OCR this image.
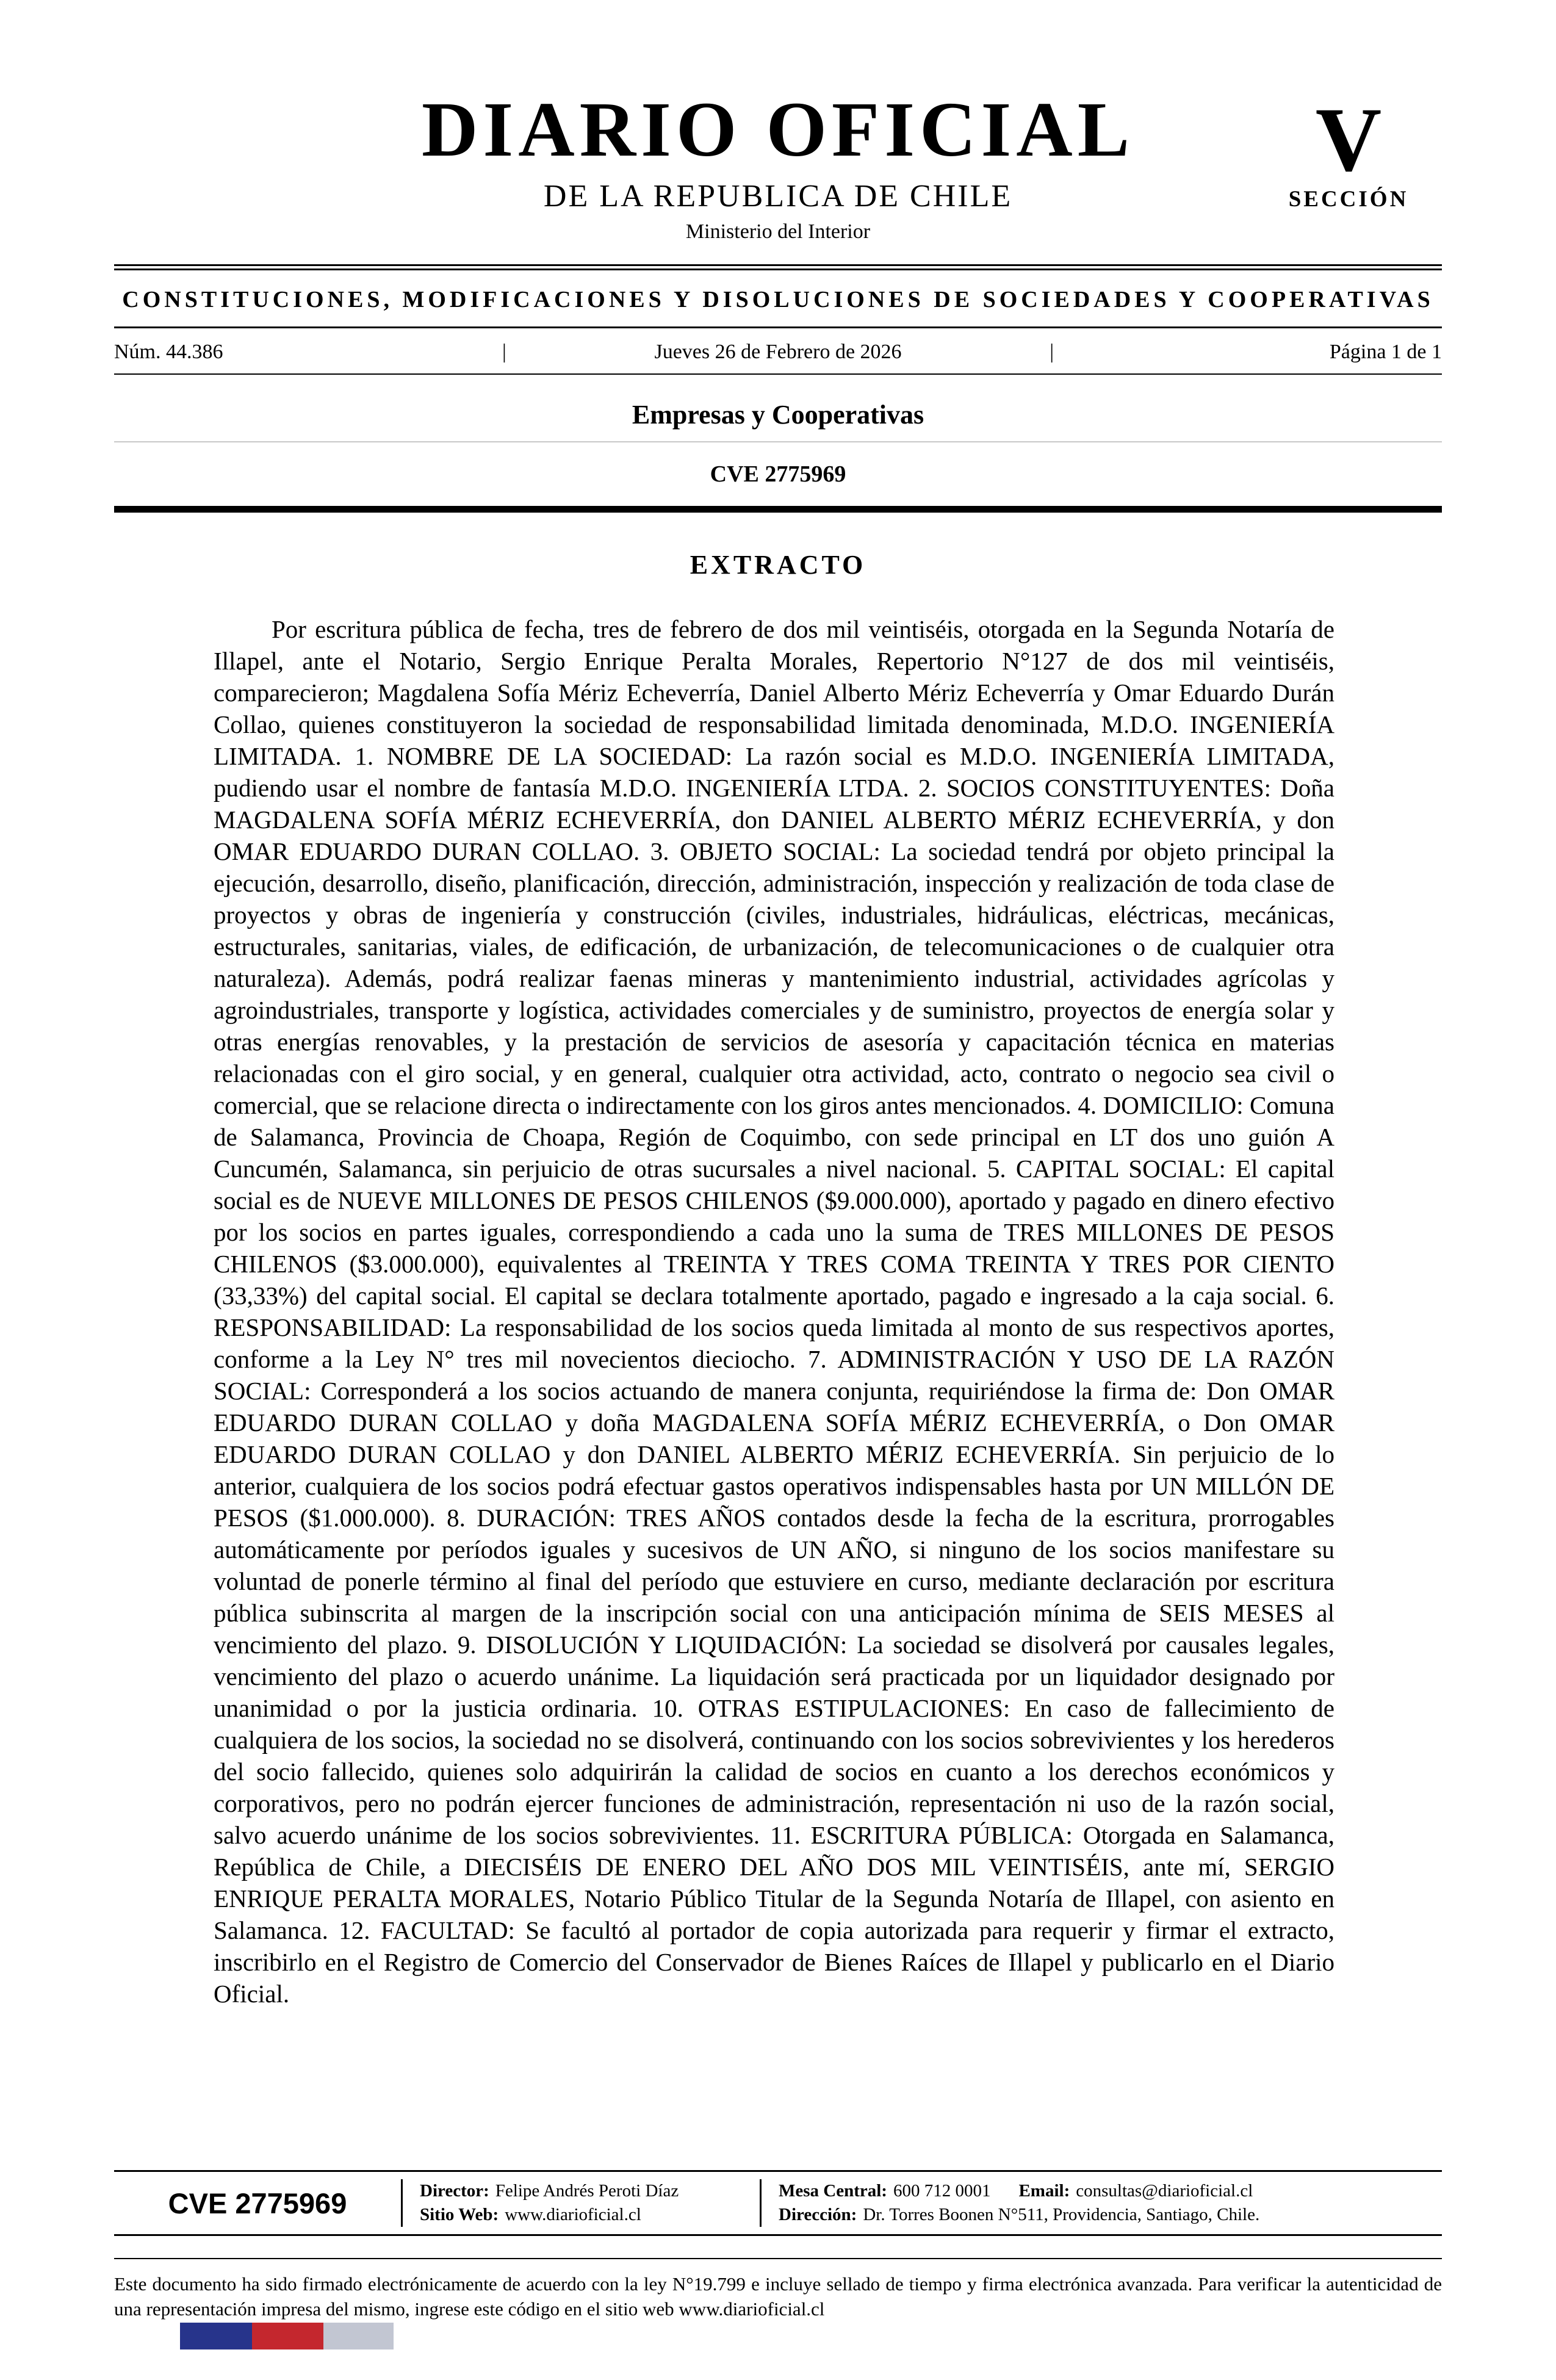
DIARIO OFICIAL
DE LA REPUBLICA DE CHILE
Ministerio del Interior
V
SECCIÓN
CONSTITUCIONES, MODIFICACIONES Y DISOLUCIONES DE SOCIEDADES Y COOPERATIVAS
Núm. 44.386	|	Jueves 26 de Febrero de 2026	|	Página 1 de 1
Empresas y Cooperativas
CVE 2775969
EXTRACTO

Por escritura pública de fecha, tres de febrero de dos mil veintiséis, otorgada en la Segunda Notaría de Illapel, ante el Notario, Sergio Enrique Peralta Morales, Repertorio N°127 de dos mil veintiséis, comparecieron; Magdalena Sofía Mériz Echeverría, Daniel Alberto Mériz Echeverría y Omar Eduardo Durán Collao, quienes constituyeron la sociedad de responsabilidad limitada denominada, M.D.O. INGENIERÍA LIMITADA. 1. NOMBRE DE LA SOCIEDAD: La razón social es M.D.O. INGENIERÍA LIMITADA, pudiendo usar el nombre de fantasía M.D.O. INGENIERÍA LTDA. 2. SOCIOS CONSTITUYENTES: Doña MAGDALENA SOFÍA MÉRIZ ECHEVERRÍA, don DANIEL ALBERTO MÉRIZ ECHEVERRÍA, y don OMAR EDUARDO DURAN COLLAO. 3. OBJETO SOCIAL: La sociedad tendrá por objeto principal la ejecución, desarrollo, diseño, planificación, dirección, administración, inspección y realización de toda clase de proyectos y obras de ingeniería y construcción (civiles, industriales, hidráulicas, eléctricas, mecánicas, estructurales, sanitarias, viales, de edificación, de urbanización, de telecomunicaciones o de cualquier otra naturaleza). Además, podrá realizar faenas mineras y mantenimiento industrial, actividades agrícolas y agroindustriales, transporte y logística, actividades comerciales y de suministro, proyectos de energía solar y otras energías renovables, y la prestación de servicios de asesoría y capacitación técnica en materias relacionadas con el giro social, y en general, cualquier otra actividad, acto, contrato o negocio sea civil o comercial, que se relacione directa o indirectamente con los giros antes mencionados. 4. DOMICILIO: Comuna de Salamanca, Provincia de Choapa, Región de Coquimbo, con sede principal en LT dos uno guión A Cuncumén, Salamanca, sin perjuicio de otras sucursales a nivel nacional. 5. CAPITAL SOCIAL: El capital social es de NUEVE MILLONES DE PESOS CHILENOS ($9.000.000), aportado y pagado en dinero efectivo por los socios en partes iguales, correspondiendo a cada uno la suma de TRES MILLONES DE PESOS CHILENOS ($3.000.000), equivalentes al TREINTA Y TRES COMA TREINTA Y TRES POR CIENTO (33,33%) del capital social. El capital se declara totalmente aportado, pagado e ingresado a la caja social. 6. RESPONSABILIDAD: La responsabilidad de los socios queda limitada al monto de sus respectivos aportes, conforme a la Ley N° tres mil novecientos dieciocho. 7. ADMINISTRACIÓN Y USO DE LA RAZÓN SOCIAL: Corresponderá a los socios actuando de manera conjunta, requiriéndose la firma de: Don OMAR EDUARDO DURAN COLLAO y doña MAGDALENA SOFÍA MÉRIZ ECHEVERRÍA, o Don OMAR EDUARDO DURAN COLLAO y don DANIEL ALBERTO MÉRIZ ECHEVERRÍA. Sin perjuicio de lo anterior, cualquiera de los socios podrá efectuar gastos operativos indispensables hasta por UN MILLÓN DE PESOS ($1.000.000). 8. DURACIÓN: TRES AÑOS contados desde la fecha de la escritura, prorrogables automáticamente por períodos iguales y sucesivos de UN AÑO, si ninguno de los socios manifestare su voluntad de ponerle término al final del período que estuviere en curso, mediante declaración por escritura pública subinscrita al margen de la inscripción social con una anticipación mínima de SEIS MESES al vencimiento del plazo. 9. DISOLUCIÓN Y LIQUIDACIÓN: La sociedad se disolverá por causales legales, vencimiento del plazo o acuerdo unánime. La liquidación será practicada por un liquidador designado por unanimidad o por la justicia ordinaria. 10. OTRAS ESTIPULACIONES: En caso de fallecimiento de cualquiera de los socios, la sociedad no se disolverá, continuando con los socios sobrevivientes y los herederos del socio fallecido, quienes solo adquirirán la calidad de socios en cuanto a los derechos económicos y corporativos, pero no podrán ejercer funciones de administración, representación ni uso de la razón social, salvo acuerdo unánime de los socios sobrevivientes. 11. ESCRITURA PÚBLICA: Otorgada en Salamanca, República de Chile, a DIECISÉIS DE ENERO DEL AÑO DOS MIL VEINTISÉIS, ante mí, SERGIO ENRIQUE PERALTA MORALES, Notario Público Titular de la Segunda Notaría de Illapel, con asiento en Salamanca. 12. FACULTAD: Se facultó al portador de copia autorizada para requerir y firmar el extracto, inscribirlo en el Registro de Comercio del Conservador de Bienes Raíces de Illapel y publicarlo en el Diario Oficial.

CVE 2775969	Director: Felipe Andrés Peroti Díaz
Sitio Web: www.diarioficial.cl
Mesa Central: 600 712 0001 Email: consultas@diarioficial.cl
Dirección: Dr. Torres Boonen N°511, Providencia, Santiago, Chile.

Este documento ha sido firmado electrónicamente de acuerdo con la ley N°19.799 e incluye sellado de tiempo y firma electrónica avanzada. Para verificar la autenticidad de una representación impresa del mismo, ingrese este código en el sitio web www.diarioficial.cl
